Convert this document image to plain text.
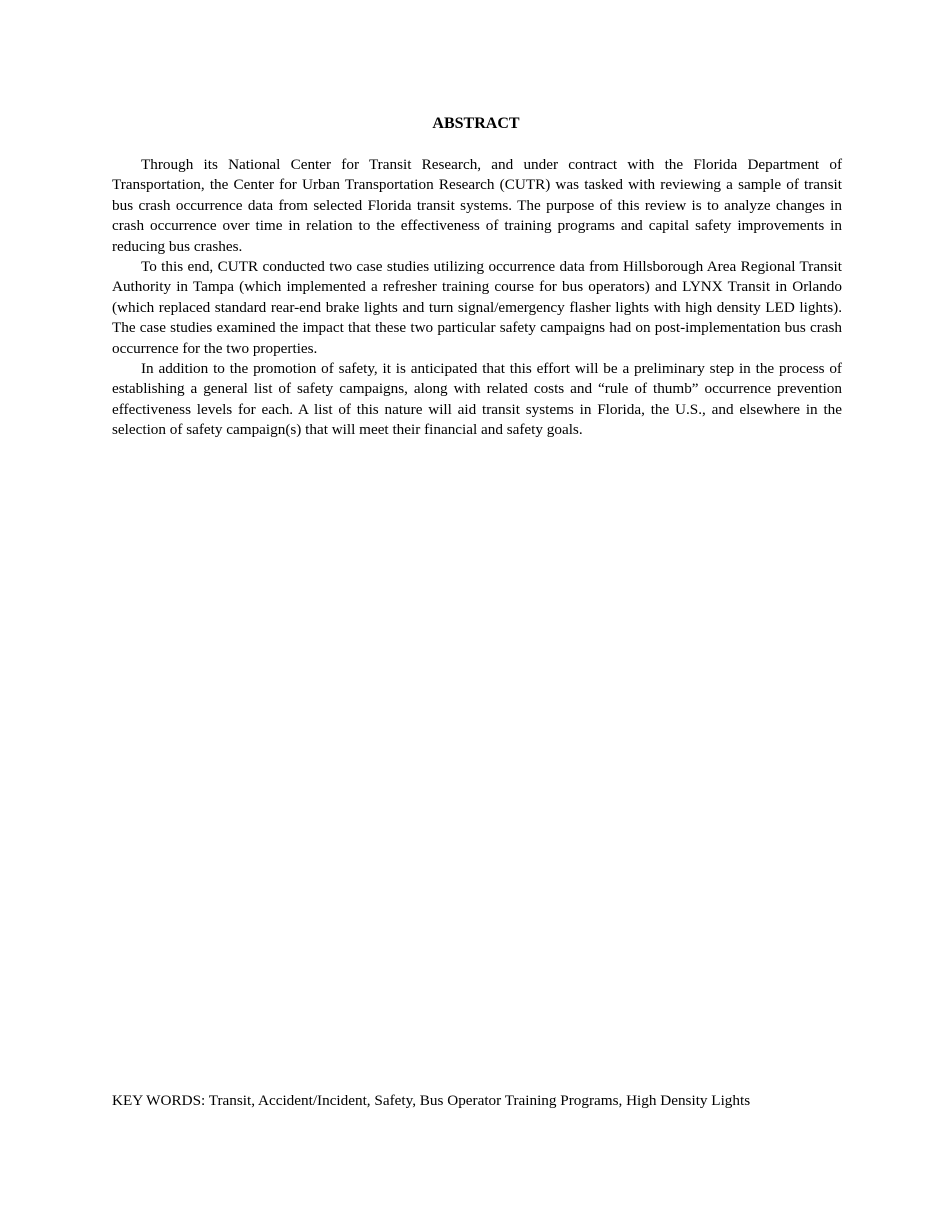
ABSTRACT

Through its National Center for Transit Research, and under contract with the Florida Department of Transportation, the Center for Urban Transportation Research (CUTR) was tasked with reviewing a sample of transit bus crash occurrence data from selected Florida transit systems. The purpose of this review is to analyze changes in crash occurrence over time in relation to the effectiveness of training programs and capital safety improvements in reducing bus crashes.

To this end, CUTR conducted two case studies utilizing occurrence data from Hillsborough Area Regional Transit Authority in Tampa (which implemented a refresher training course for bus operators) and LYNX Transit in Orlando (which replaced standard rear-end brake lights and turn signal/emergency flasher lights with high density LED lights). The case studies examined the impact that these two particular safety campaigns had on post-implementation bus crash occurrence for the two properties.

In addition to the promotion of safety, it is anticipated that this effort will be a preliminary step in the process of establishing a general list of safety campaigns, along with related costs and “rule of thumb” occurrence prevention effectiveness levels for each. A list of this nature will aid transit systems in Florida, the U.S., and elsewhere in the selection of safety campaign(s) that will meet their financial and safety goals.

KEY WORDS: Transit, Accident/Incident, Safety, Bus Operator Training Programs, High Density Lights
